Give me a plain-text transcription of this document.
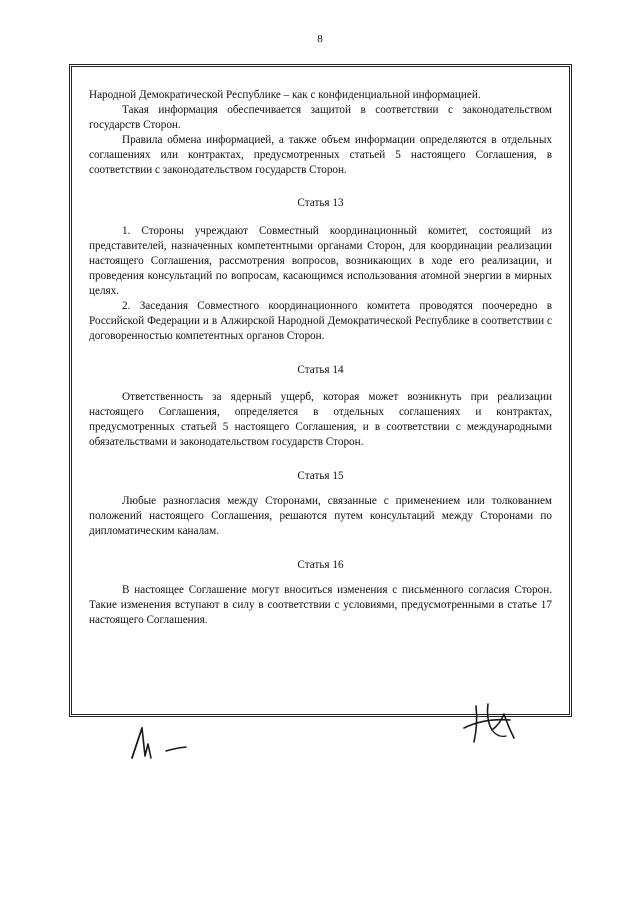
8

Народной Демократической Республике – как с конфиденциальной информацией.

Такая информация обеспечивается защитой в соответствии с законодательством государств Сторон.

Правила обмена информацией, а также объем информации определяются в отдельных соглашениях или контрактах, предусмотренных статьей 5 настоящего Соглашения, в соответствии с законодательством государств Сторон.

Статья 13

1. Стороны учреждают Совместный координационный комитет, состоящий из представителей, назначенных компетентными органами Сторон, для координации реализации настоящего Соглашения, рассмотрения вопросов, возникающих в ходе его реализации, и проведения консультаций по вопросам, касающимся использования атомной энергии в мирных целях.

2. Заседания Совместного координационного комитета проводятся поочередно в Российской Федерации и в Алжирской Народной Демократической Республике в соответствии с договоренностью компетентных органов Сторон.

Статья 14

Ответственность за ядерный ущерб, которая может возникнуть при реализации настоящего Соглашения, определяется в отдельных соглашениях и контрактах, предусмотренных статьей 5 настоящего Соглашения, и в соответствии с международными обязательствами и законодательством государств Сторон.

Статья 15

Любые разногласия между Сторонами, связанные с применением или толкованием положений настоящего Соглашения, решаются путем консультаций между Сторонами по дипломатическим каналам.

Статья 16

В настоящее Соглашение могут вноситься изменения с письменного согласия Сторон. Такие изменения вступают в силу в соответствии с условиями, предусмотренными в статье 17 настоящего Соглашения.
